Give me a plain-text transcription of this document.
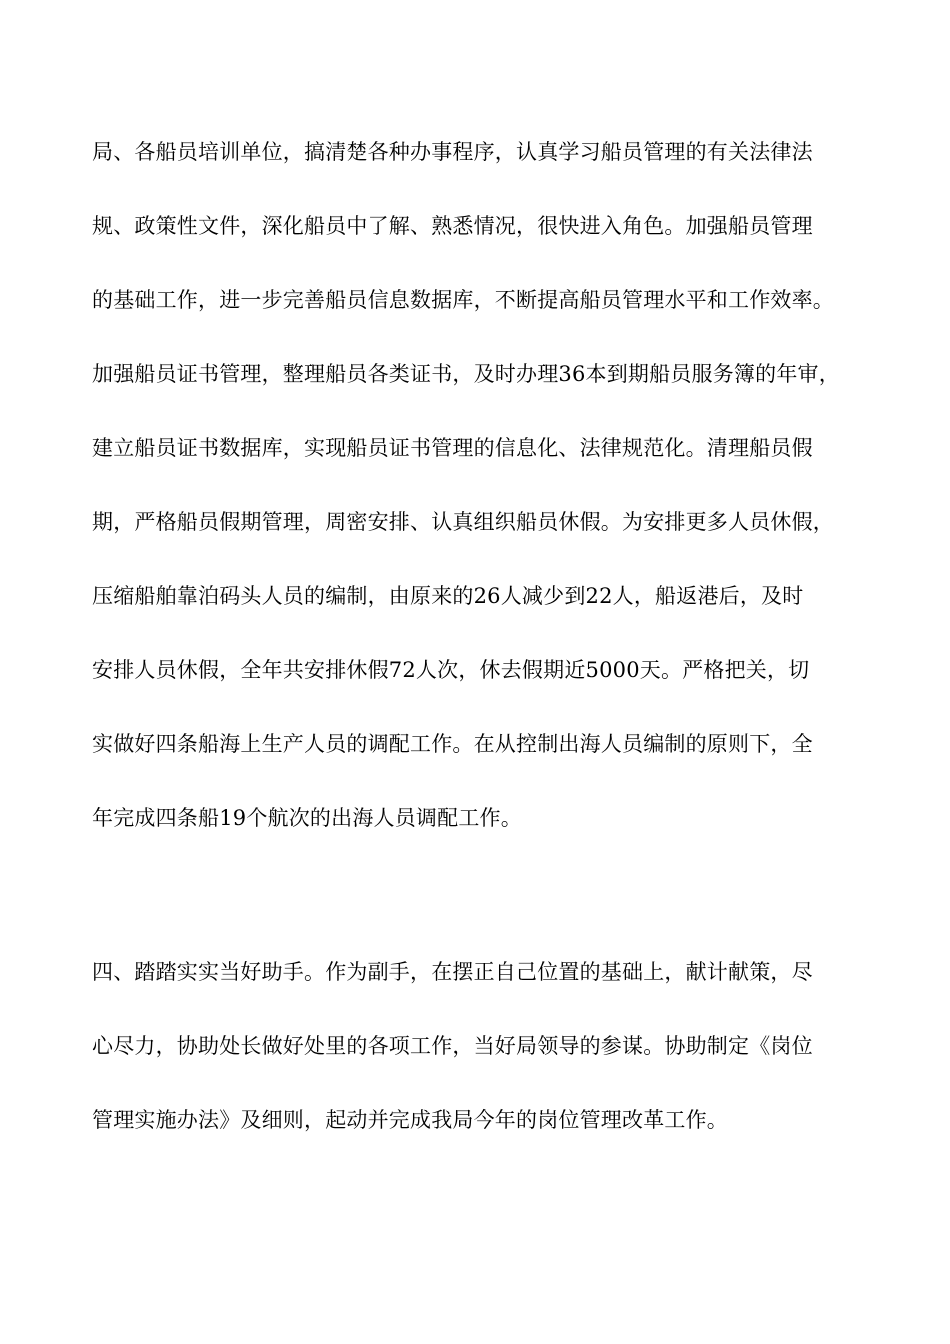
局、各船员培训单位，搞清楚各种办事程序，认真学习船员管理的有关法律法
规、政策性文件，深化船员中了解、熟悉情况，很快进入角色。加强船员管理
的基础工作，进一步完善船员信息数据库，不断提高船员管理水平和工作效率。
加强船员证书管理，整理船员各类证书，及时办理36本到期船员服务簿的年审，
建立船员证书数据库，实现船员证书管理的信息化、法律规范化。清理船员假
期，严格船员假期管理，周密安排、认真组织船员休假。为安排更多人员休假，
压缩船舶靠泊码头人员的编制，由原来的26人减少到22人，船返港后，及时
安排人员休假，全年共安排休假72人次，休去假期近5000天。严格把关，切
实做好四条船海上生产人员的调配工作。在从控制出海人员编制的原则下，全
年完成四条船19个航次的出海人员调配工作。
四、踏踏实实当好助手。作为副手，在摆正自己位置的基础上，献计献策，尽
心尽力，协助处长做好处里的各项工作，当好局领导的参谋。协助制定《岗位
管理实施办法》及细则，起动并完成我局今年的岗位管理改革工作。
